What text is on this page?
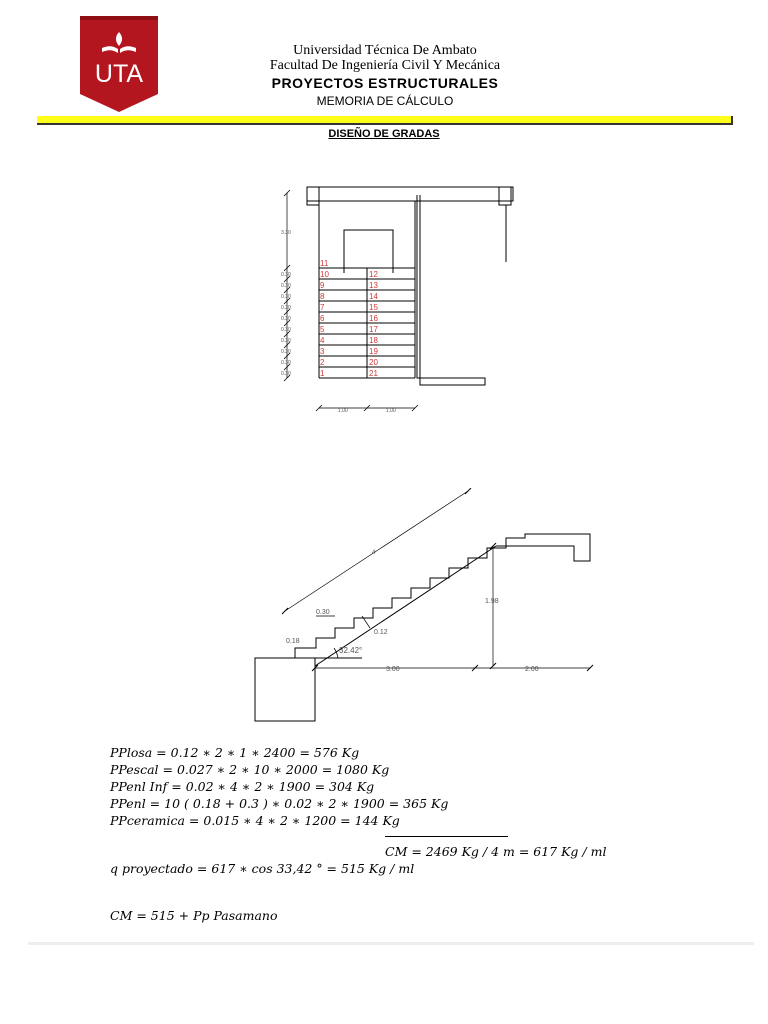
UTA
Universidad Técnica De Ambato
Facultad De Ingeniería Civil Y Mecánica
PROYECTOS ESTRUCTURALES
MEMORIA DE CÁLCULO
DISEÑO DE GRADAS
11
10
9
8
7
6
5
4
3
2
1
12
13
14
15
16
17
18
19
20
21
3.30
0.30
0.30
0.30
0.30
0.30
0.30
0.30
0.30
0.30
0.30
1.00	1.00
4
0.30
0.18
0.12
32.42°
1.98
3.00	2.00
PPlosa = 0.12 ∗ 2 ∗ 1 ∗ 2400 = 576 Kg
PPescal = 0.027 ∗ 2 ∗ 10 ∗ 2000 = 1080 Kg
PPenl Inf = 0.02 ∗ 4 ∗ 2 ∗ 1900 = 304 Kg
PPenl = 10 ( 0.18 + 0.3 ) ∗ 0.02 ∗ 2 ∗ 1900 = 365 Kg
PPceramica = 0.015 ∗ 4 ∗ 2 ∗ 1200 = 144 Kg
CM = 2469 Kg / 4 m = 617 Kg / ml
q proyectado = 617 ∗ cos 33,42 ° = 515 Kg / ml
CM = 515 + Pp Pasamano
